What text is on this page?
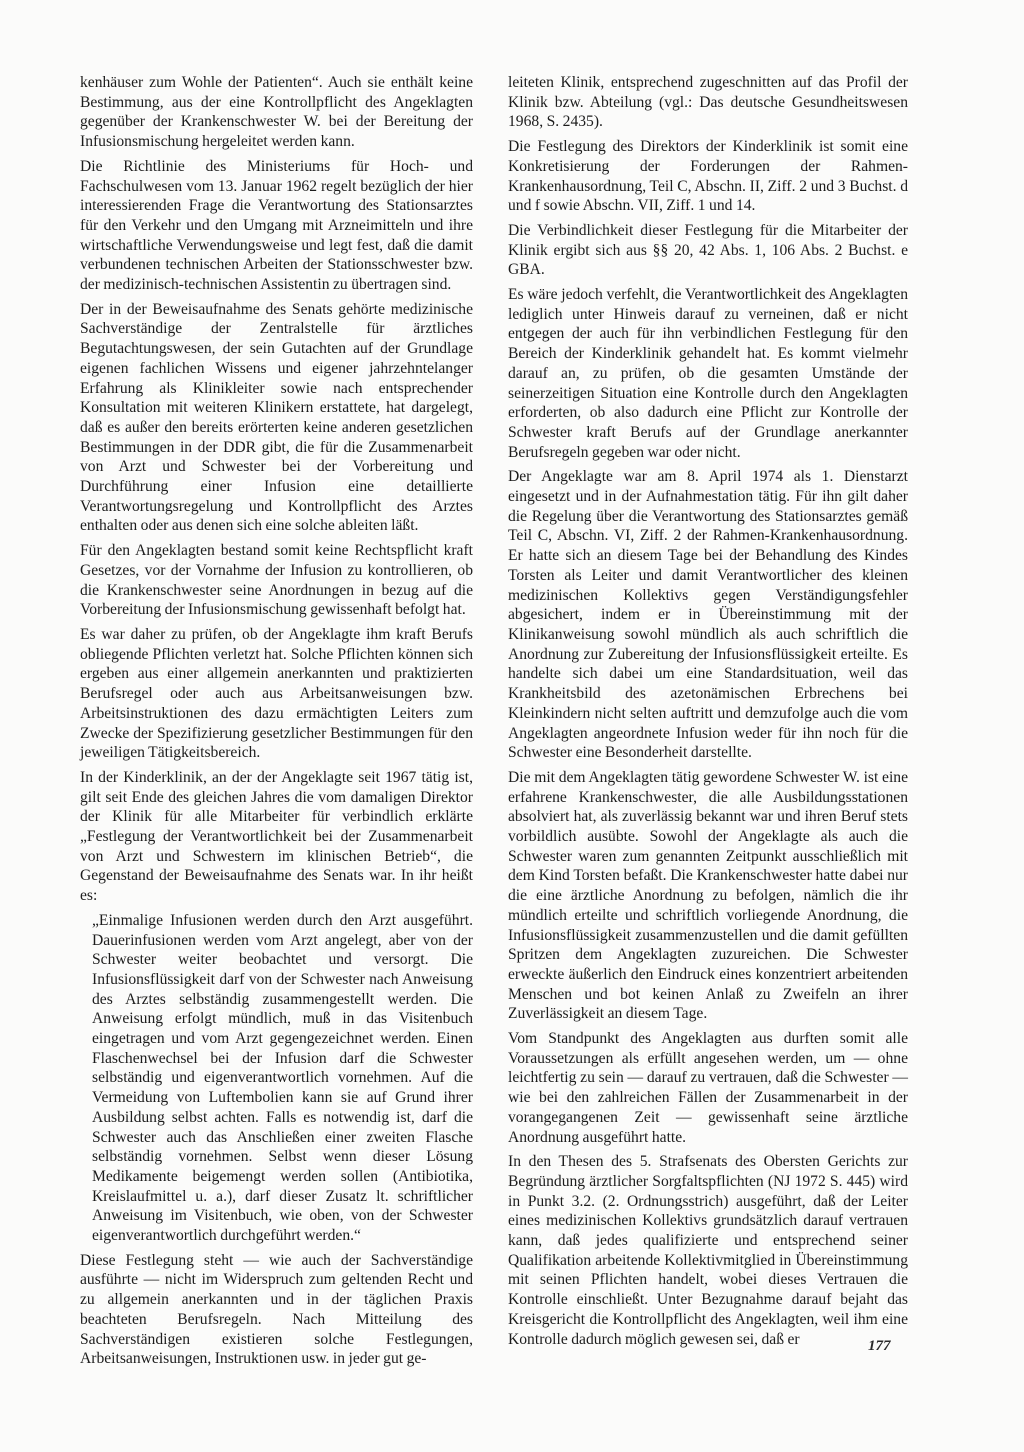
kenhäuser zum Wohle der Patienten“. Auch sie enthält keine Bestimmung, aus der eine Kontrollpflicht des Angeklagten gegenüber der Krankenschwester W. bei der Bereitung der Infusionsmischung hergeleitet werden kann.

Die Richtlinie des Ministeriums für Hoch- und Fachschulwesen vom 13. Januar 1962 regelt bezüglich der hier interessierenden Frage die Verantwortung des Stationsarztes für den Verkehr und den Umgang mit Arzneimitteln und ihre wirtschaftliche Verwendungsweise und legt fest, daß die damit verbundenen technischen Arbeiten der Stationsschwester bzw. der medizinisch-technischen Assistentin zu übertragen sind.

Der in der Beweisaufnahme des Senats gehörte medizinische Sachverständige der Zentralstelle für ärztliches Begutachtungswesen, der sein Gutachten auf der Grundlage eigenen fachlichen Wissens und eigener jahrzehntelanger Erfahrung als Klinikleiter sowie nach entsprechender Konsultation mit weiteren Klinikern erstattete, hat dargelegt, daß es außer den bereits erörterten keine anderen gesetzlichen Bestimmungen in der DDR gibt, die für die Zusammenarbeit von Arzt und Schwester bei der Vorbereitung und Durchführung einer Infusion eine detaillierte Verantwortungsregelung und Kontrollpflicht des Arztes enthalten oder aus denen sich eine solche ableiten läßt.

Für den Angeklagten bestand somit keine Rechtspflicht kraft Gesetzes, vor der Vornahme der Infusion zu kontrollieren, ob die Krankenschwester seine Anordnungen in bezug auf die Vorbereitung der Infusionsmischung gewissenhaft befolgt hat.

Es war daher zu prüfen, ob der Angeklagte ihm kraft Berufs obliegende Pflichten verletzt hat. Solche Pflichten können sich ergeben aus einer allgemein anerkannten und praktizierten Berufsregel oder auch aus Arbeitsanweisungen bzw. Arbeitsinstruktionen des dazu ermächtigten Leiters zum Zwecke der Spezifizierung gesetzlicher Bestimmungen für den jeweiligen Tätigkeitsbereich.

In der Kinderklinik, an der der Angeklagte seit 1967 tätig ist, gilt seit Ende des gleichen Jahres die vom damaligen Direktor der Klinik für alle Mitarbeiter für verbindlich erklärte „Festlegung der Verantwortlichkeit bei der Zusammenarbeit von Arzt und Schwestern im klinischen Betrieb“, die Gegenstand der Beweisaufnahme des Senats war. In ihr heißt es:

„Einmalige Infusionen werden durch den Arzt ausgeführt. Dauerinfusionen werden vom Arzt angelegt, aber von der Schwester weiter beobachtet und versorgt. Die Infusionsflüssigkeit darf von der Schwester nach Anweisung des Arztes selbständig zusammengestellt werden. Die Anweisung erfolgt mündlich, muß in das Visitenbuch eingetragen und vom Arzt gegengezeichnet werden. Einen Flaschenwechsel bei der Infusion darf die Schwester selbständig und eigenverantwortlich vornehmen. Auf die Vermeidung von Luftembolien kann sie auf Grund ihrer Ausbildung selbst achten. Falls es notwendig ist, darf die Schwester auch das Anschließen einer zweiten Flasche selbständig vornehmen. Selbst wenn dieser Lösung Medikamente beigemengt werden sollen (Antibiotika, Kreislaufmittel u. a.), darf dieser Zusatz lt. schriftlicher Anweisung im Visitenbuch, wie oben, von der Schwester eigenverantwortlich durchgeführt werden.“

Diese Festlegung steht — wie auch der Sachverständige ausführte — nicht im Widerspruch zum geltenden Recht und zu allgemein anerkannten und in der täglichen Praxis beachteten Berufsregeln. Nach Mitteilung des Sachverständigen existieren solche Festlegungen, Arbeitsanweisungen, Instruktionen usw. in jeder gut ge-

leiteten Klinik, entsprechend zugeschnitten auf das Profil der Klinik bzw. Abteilung (vgl.: Das deutsche Gesundheitswesen 1968, S. 2435).

Die Festlegung des Direktors der Kinderklinik ist somit eine Konkretisierung der Forderungen der Rahmen-Krankenhausordnung, Teil C, Abschn. II, Ziff. 2 und 3 Buchst. d und f sowie Abschn. VII, Ziff. 1 und 14.

Die Verbindlichkeit dieser Festlegung für die Mitarbeiter der Klinik ergibt sich aus §§ 20, 42 Abs. 1, 106 Abs. 2 Buchst. e GBA.

Es wäre jedoch verfehlt, die Verantwortlichkeit des Angeklagten lediglich unter Hinweis darauf zu verneinen, daß er nicht entgegen der auch für ihn verbindlichen Festlegung für den Bereich der Kinderklinik gehandelt hat. Es kommt vielmehr darauf an, zu prüfen, ob die gesamten Umstände der seinerzeitigen Situation eine Kontrolle durch den Angeklagten erforderten, ob also dadurch eine Pflicht zur Kontrolle der Schwester kraft Berufs auf der Grundlage anerkannter Berufsregeln gegeben war oder nicht.

Der Angeklagte war am 8. April 1974 als 1. Dienstarzt eingesetzt und in der Aufnahmestation tätig. Für ihn gilt daher die Regelung über die Verantwortung des Stationsarztes gemäß Teil C, Abschn. VI, Ziff. 2 der Rahmen-Krankenhausordnung. Er hatte sich an diesem Tage bei der Behandlung des Kindes Torsten als Leiter und damit Verantwortlicher des kleinen medizinischen Kollektivs gegen Verständigungsfehler abgesichert, indem er in Übereinstimmung mit der Klinikanweisung sowohl mündlich als auch schriftlich die Anordnung zur Zubereitung der Infusionsflüssigkeit erteilte. Es handelte sich dabei um eine Standardsituation, weil das Krankheitsbild des azetonämischen Erbrechens bei Kleinkindern nicht selten auftritt und demzufolge auch die vom Angeklagten angeordnete Infusion weder für ihn noch für die Schwester eine Besonderheit darstellte.

Die mit dem Angeklagten tätig gewordene Schwester W. ist eine erfahrene Krankenschwester, die alle Ausbildungsstationen absolviert hat, als zuverlässig bekannt war und ihren Beruf stets vorbildlich ausübte. Sowohl der Angeklagte als auch die Schwester waren zum genannten Zeitpunkt ausschließlich mit dem Kind Torsten befaßt. Die Krankenschwester hatte dabei nur die eine ärztliche Anordnung zu befolgen, nämlich die ihr mündlich erteilte und schriftlich vorliegende Anordnung, die Infusionsflüssigkeit zusammenzustellen und die damit gefüllten Spritzen dem Angeklagten zuzureichen. Die Schwester erweckte äußerlich den Eindruck eines konzentriert arbeitenden Menschen und bot keinen Anlaß zu Zweifeln an ihrer Zuverlässigkeit an diesem Tage.

Vom Standpunkt des Angeklagten aus durften somit alle Voraussetzungen als erfüllt angesehen werden, um — ohne leichtfertig zu sein — darauf zu vertrauen, daß die Schwester — wie bei den zahlreichen Fällen der Zusammenarbeit in der vorangegangenen Zeit — gewissenhaft seine ärztliche Anordnung ausgeführt hatte.

In den Thesen des 5. Strafsenats des Obersten Gerichts zur Begründung ärztlicher Sorgfaltspflichten (NJ 1972 S. 445) wird in Punkt 3.2. (2. Ordnungsstrich) ausgeführt, daß der Leiter eines medizinischen Kollektivs grundsätzlich darauf vertrauen kann, daß jedes qualifizierte und entsprechend seiner Qualifikation arbeitende Kollektivmitglied in Übereinstimmung mit seinen Pflichten handelt, wobei dieses Vertrauen die Kontrolle einschließt. Unter Bezugnahme darauf bejaht das Kreisgericht die Kontrollpflicht des Angeklagten, weil ihm eine Kontrolle dadurch möglich gewesen sei, daß er	177
